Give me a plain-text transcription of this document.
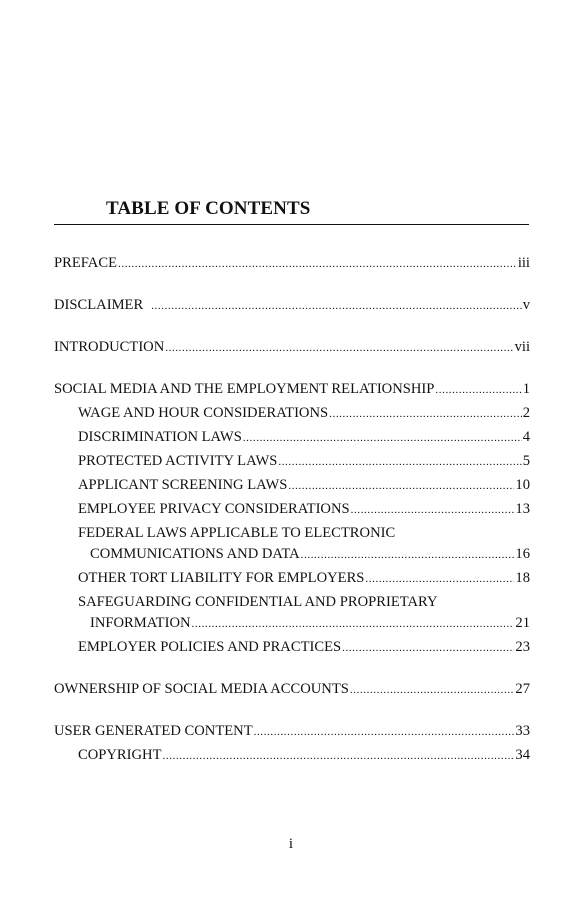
TABLE OF CONTENTS
PREFACE .....	iii
DISCLAIMER .....	v
INTRODUCTION .....	vii
SOCIAL MEDIA AND THE EMPLOYMENT RELATIONSHIP .....	1
WAGE AND HOUR CONSIDERATIONS .....	2
DISCRIMINATION LAWS .....	4
PROTECTED ACTIVITY LAWS .....	5
APPLICANT SCREENING LAWS .....	10
EMPLOYEE PRIVACY CONSIDERATIONS .....	13
FEDERAL LAWS APPLICABLE TO ELECTRONIC
COMMUNICATIONS AND DATA .....	16
OTHER TORT LIABILITY FOR EMPLOYERS .....	18
SAFEGUARDING CONFIDENTIAL AND PROPRIETARY
INFORMATION .....	21
EMPLOYER POLICIES AND PRACTICES .....	23
OWNERSHIP OF SOCIAL MEDIA ACCOUNTS .....	27
USER GENERATED CONTENT .....	33
COPYRIGHT .....	34
i
